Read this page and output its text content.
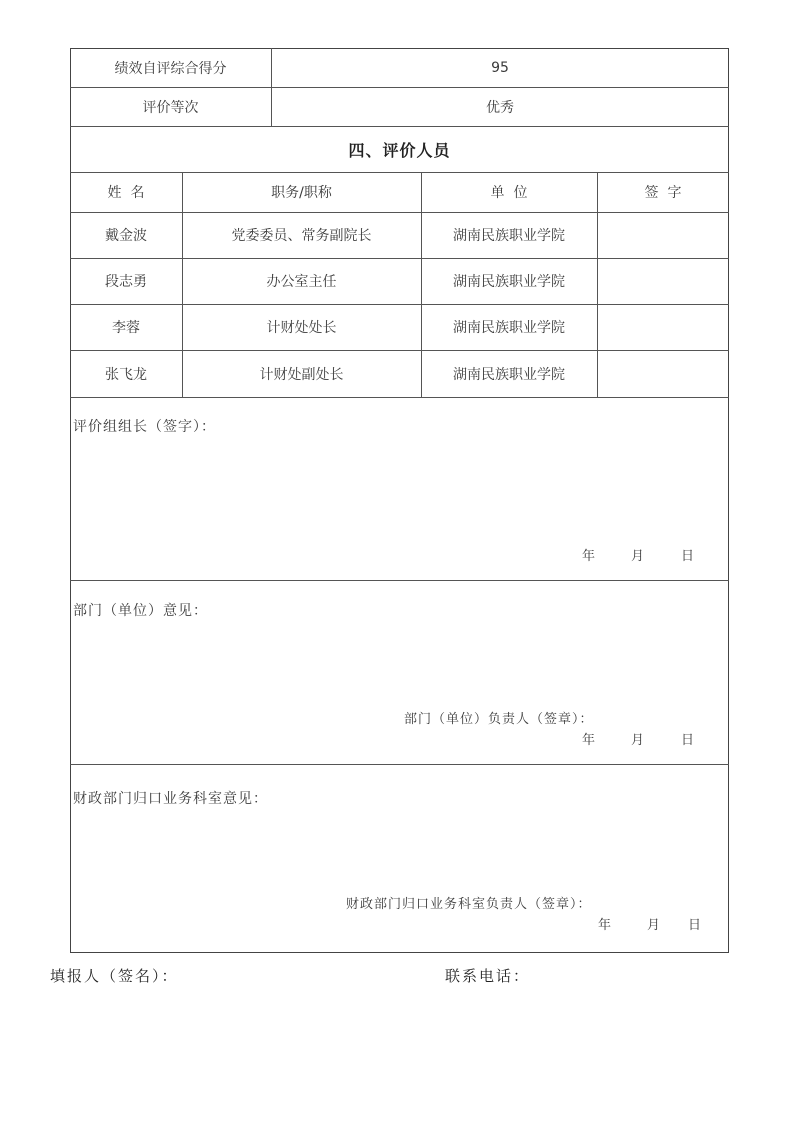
绩效自评综合得分	95
评价等次	优秀
四、评价人员
姓  名	职务/职称	单  位	签  字
戴金波	党委委员、常务副院长	湖南民族职业学院
段志勇	办公室主任	湖南民族职业学院
李蓉	计财处处长	湖南民族职业学院
张飞龙	计财处副处长	湖南民族职业学院
评价组组长（签字）：
年	月	日
部门（单位）意见：
部门（单位）负责人（签章）：
年	月	日
财政部门归口业务科室意见：
财政部门归口业务科室负责人（签章）：
年	月	日
填报人（签名）：	联系电话：
